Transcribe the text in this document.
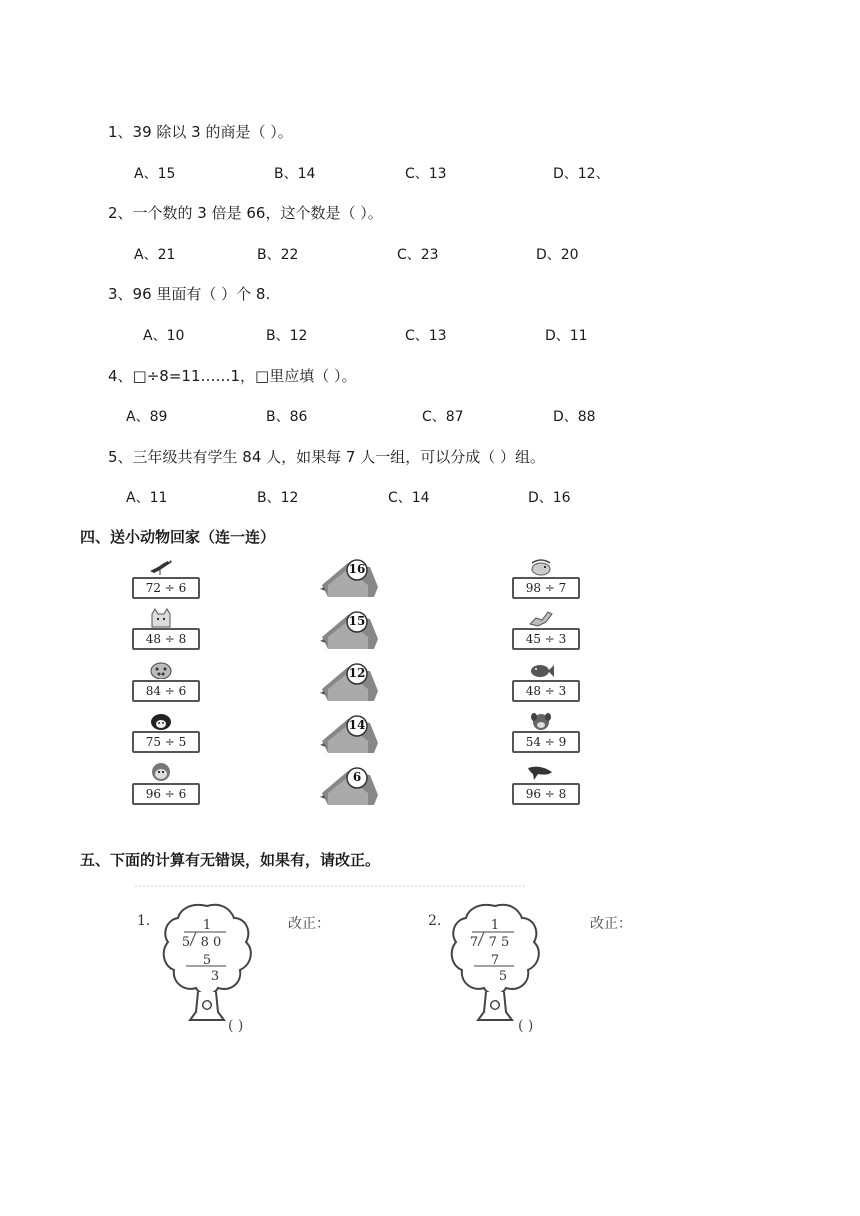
1、39 除以 3 的商是（ ）。
A、15	B、14	C、13	D、12、
2、一个数的 3 倍是 66，这个数是（ ）。
A、21	B、22	C、23	D、20
3、96 里面有（ ）个 8.
A、10	B、12	C、13	D、11
4、□÷8=11……1，□里应填（ ）。
A、89	B、86	C、87	D、88
5、三年级共有学生 84 人，如果每 7 人一组，可以分成（ ）组。
A、11	B、12	C、14	D、16
四、送小动物回家（连一连）
72 ÷ 6
48 ÷ 8
84 ÷ 6
75 ÷ 5
96 ÷ 6
16
15
12
14
6
98 ÷ 7
45 ÷ 3
48 ÷ 3
54 ÷ 9
96 ÷ 8
五、下面的计算有无错误，如果有，请改正。
1.	1
5 8 0
5
3
改正：
( )
2.	1
7 7 5
7
5
改正：
( )
